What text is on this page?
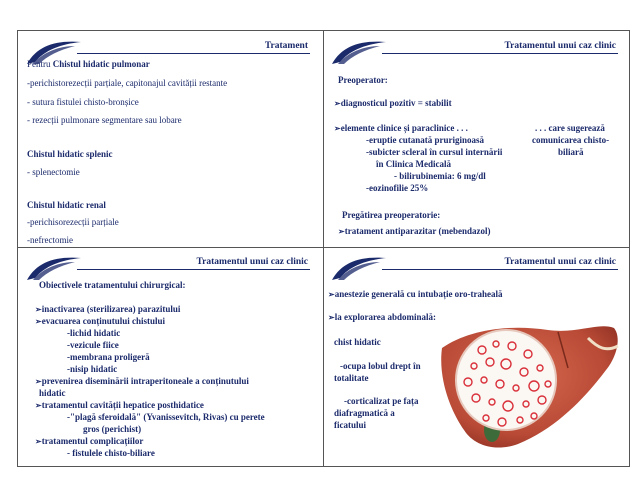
Tratament
Pentru Chistul hidatic pulmonar
-perichistorezecții parțiale, capitonajul cavității restante
- sutura fistulei chisto-bronșice
- rezecții pulmonare segmentare sau lobare
Chistul hidatic splenic
- splenectomie
Chistul hidatic renal
-perichisorezecții parțiale
-nefrectomie
Tratamentul unui caz clinic
Preoperator:
➢diagnosticul pozitiv = stabilit
➢elemente clinice și paraclinice . . .
-eruptie cutanată pruriginoasă
-subicter scleral în cursul internării
în Clinica Medicală
- bilirubinemia: 6 mg/dl
-eozinofilie 25%
. . . care sugerează
comunicarea chisto-
biliară
Pregătirea preoperatorie:
➢tratament antiparazitar (mebendazol)
Tratamentul unui caz clinic
Obiectivele tratamentului chirurgical:
➢inactivarea (sterilizarea) parazitului
➢evacuarea conținutului chistului
-lichid hidatic
-vezicule fiice
-membrana proligeră
-nisip hidatic
➢prevenirea diseminării intraperitoneale a conținutului
hidatic
➢tratamentul cavității hepatice posthidatice
-"plagă sferoidală" (Yvanissevitch, Rivas) cu perete
gros (perichist)
➢tratamentul complicațiilor
- fistulele chisto-biliare
Tratamentul unui caz clinic
➢anestezie generală cu intubație oro-traheală
➢la explorarea abdominală:
chist hidatic
-ocupa lobul drept în
totalitate
-corticalizat pe fața
diafragmatică a
ficatului
